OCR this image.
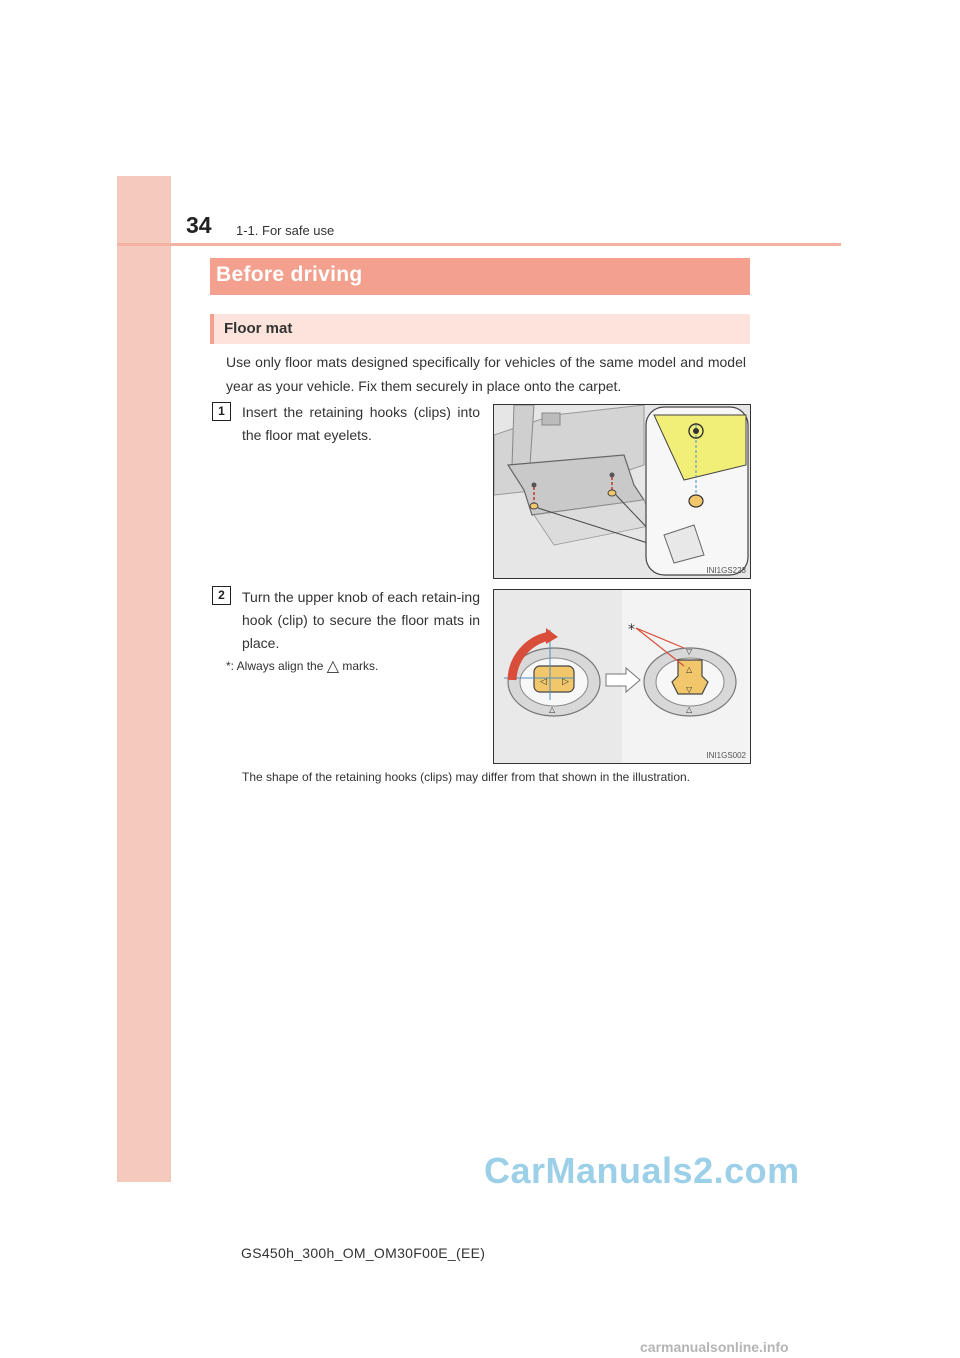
34 1-1. For safe use
Before driving
Floor mat
Use only floor mats designed specifically for vehicles of the same model and model year as your vehicle. Fix them securely in place onto the carpet.
1	Insert the retaining hooks (clips) into the floor mat eyelets.
INI1GS223
2	Turn the upper knob of each retain-ing hook (clip) to secure the floor mats in place.
*: Always align the △ marks.
◁ ▷
△
△
▽
▽
△
*
INI1GS002
The shape of the retaining hooks (clips) may differ from that shown in the illustration.
CarManuals2.com
GS450h_300h_OM_OM30F00E_(EE)
carmanualsonline.info
